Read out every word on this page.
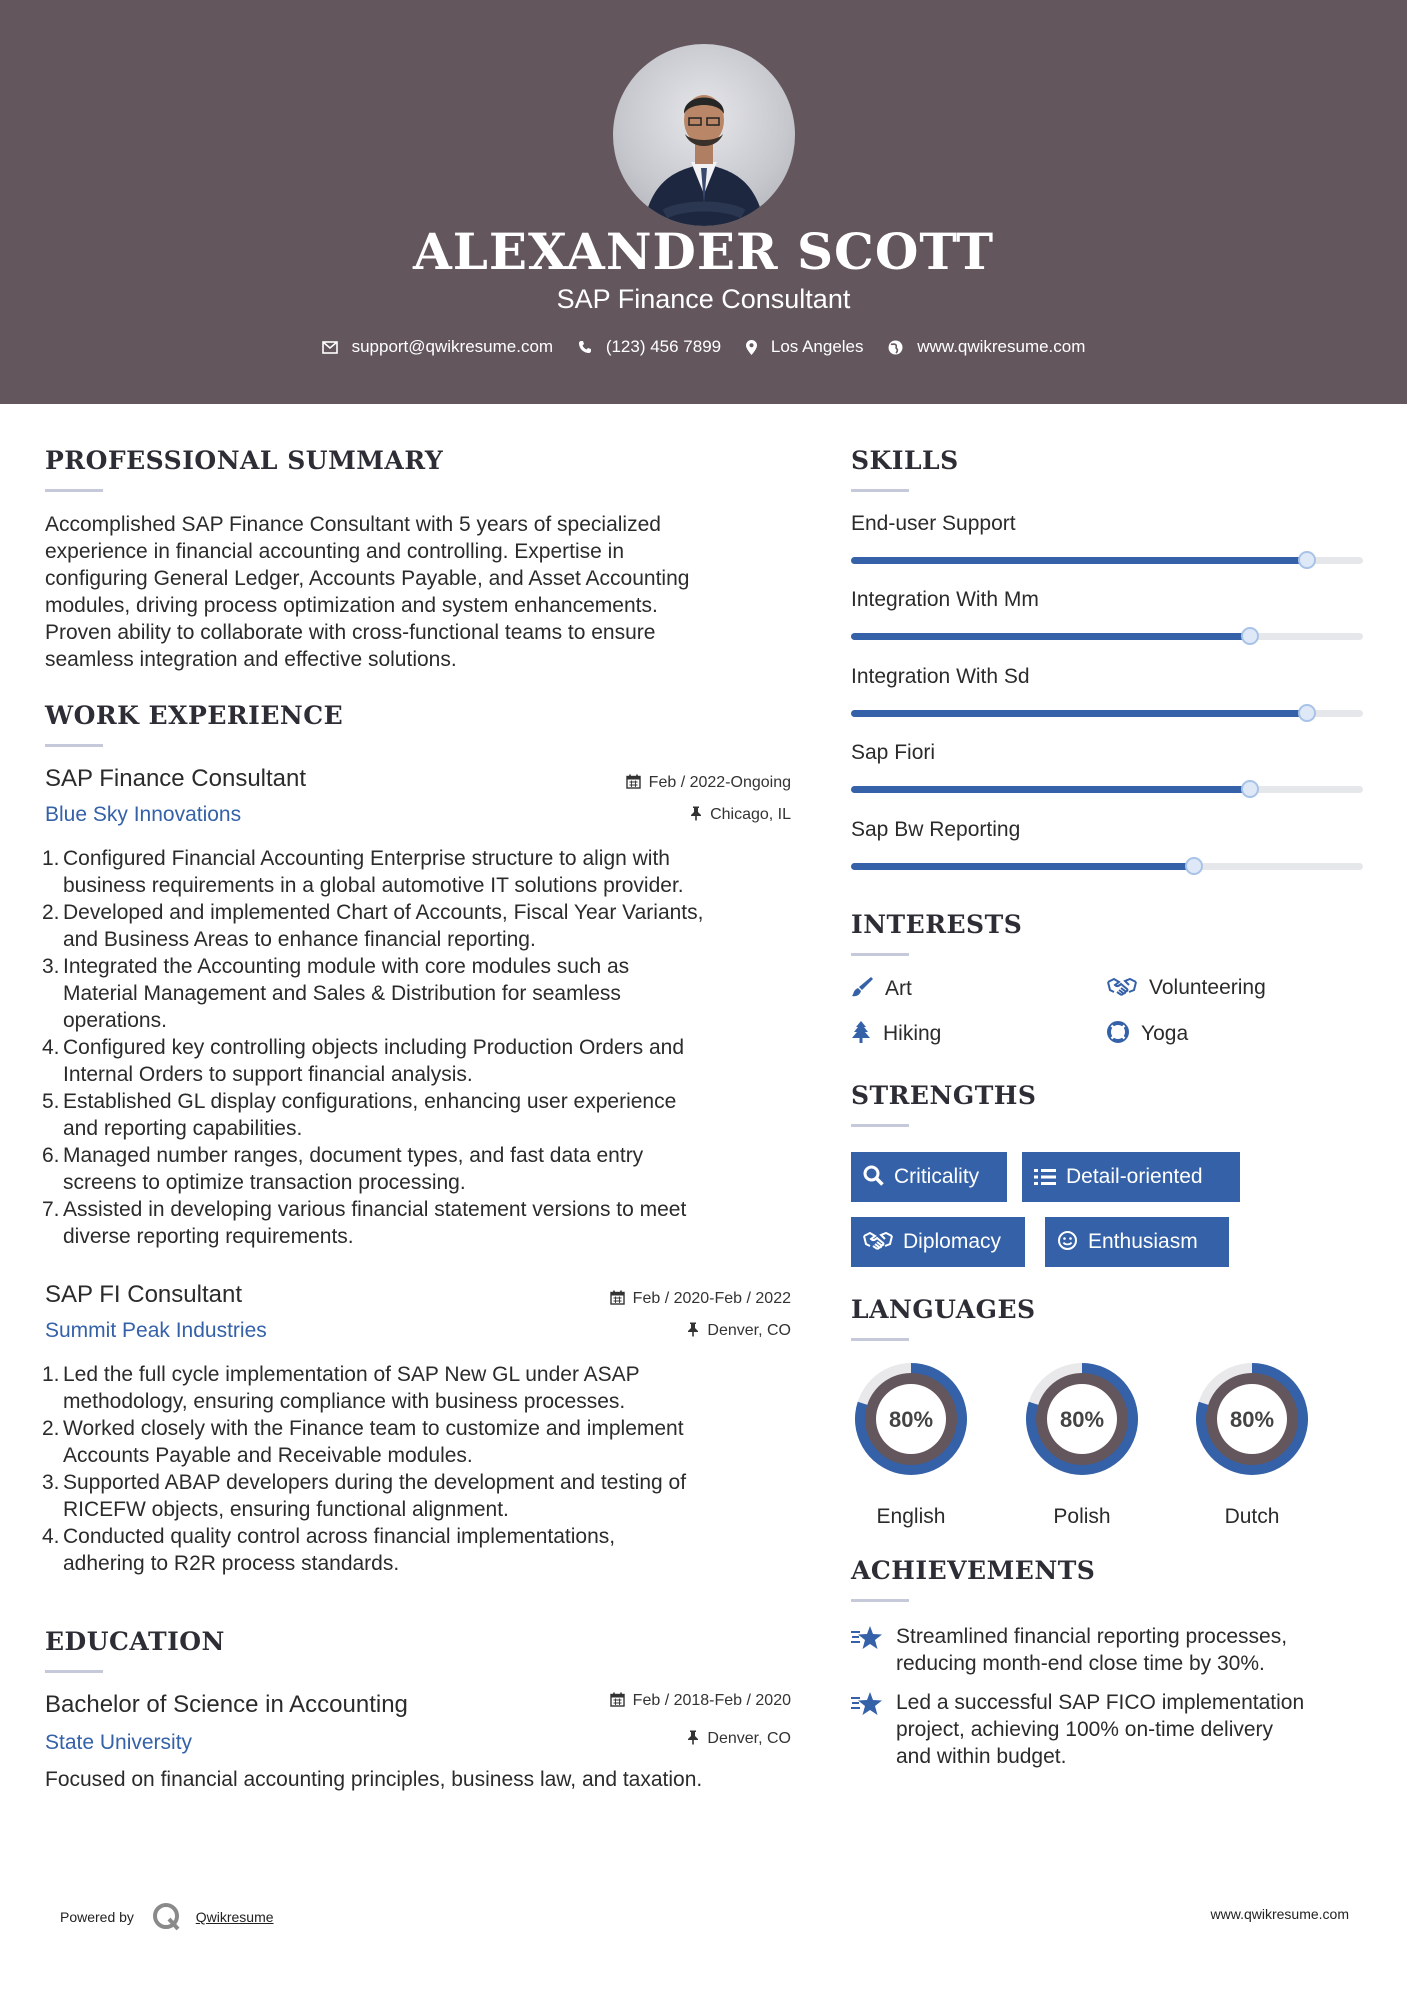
ALEXANDER SCOTT
SAP Finance Consultant
support@qwikresume.com	(123) 456 7899	Los Angeles	www.qwikresume.com
PROFESSIONAL SUMMARY
Accomplished SAP Finance Consultant with 5 years of specialized
experience in financial accounting and controlling. Expertise in
configuring General Ledger, Accounts Payable, and Asset Accounting
modules, driving process optimization and system enhancements.
Proven ability to collaborate with cross-functional teams to ensure
seamless integration and effective solutions.
WORK EXPERIENCE
SAP Finance Consultant	Feb / 2022-Ongoing
Blue Sky Innovations	Chicago, IL
1. Configured Financial Accounting Enterprise structure to align with
business requirements in a global automotive IT solutions provider.
2. Developed and implemented Chart of Accounts, Fiscal Year Variants,
and Business Areas to enhance financial reporting.
3. Integrated the Accounting module with core modules such as
Material Management and Sales & Distribution for seamless
operations.
4. Configured key controlling objects including Production Orders and
Internal Orders to support financial analysis.
5. Established GL display configurations, enhancing user experience
and reporting capabilities.
6. Managed number ranges, document types, and fast data entry
screens to optimize transaction processing.
7. Assisted in developing various financial statement versions to meet
diverse reporting requirements.
SAP FI Consultant	Feb / 2020-Feb / 2022
Summit Peak Industries	Denver, CO
1. Led the full cycle implementation of SAP New GL under ASAP
methodology, ensuring compliance with business processes.
2. Worked closely with the Finance team to customize and implement
Accounts Payable and Receivable modules.
3. Supported ABAP developers during the development and testing of
RICEFW objects, ensuring functional alignment.
4. Conducted quality control across financial implementations,
adhering to R2R process standards.
EDUCATION
Bachelor of Science in Accounting	Feb / 2018-Feb / 2020
State University	Denver, CO
Focused on financial accounting principles, business law, and taxation.
SKILLS
End-user Support
Integration With Mm
Integration With Sd
Sap Fiori
Sap Bw Reporting
INTERESTS
Art	Volunteering
Hiking	Yoga
STRENGTHS
Criticality	Detail-oriented
Diplomacy	Enthusiasm
LANGUAGES
80%
English
80%
Polish
80%
Dutch
ACHIEVEMENTS
Streamlined financial reporting processes,
reducing month-end close time by 30%.
Led a successful SAP FICO implementation
project, achieving 100% on-time delivery
and within budget.
Powered by	Qwikresume	www.qwikresume.com
